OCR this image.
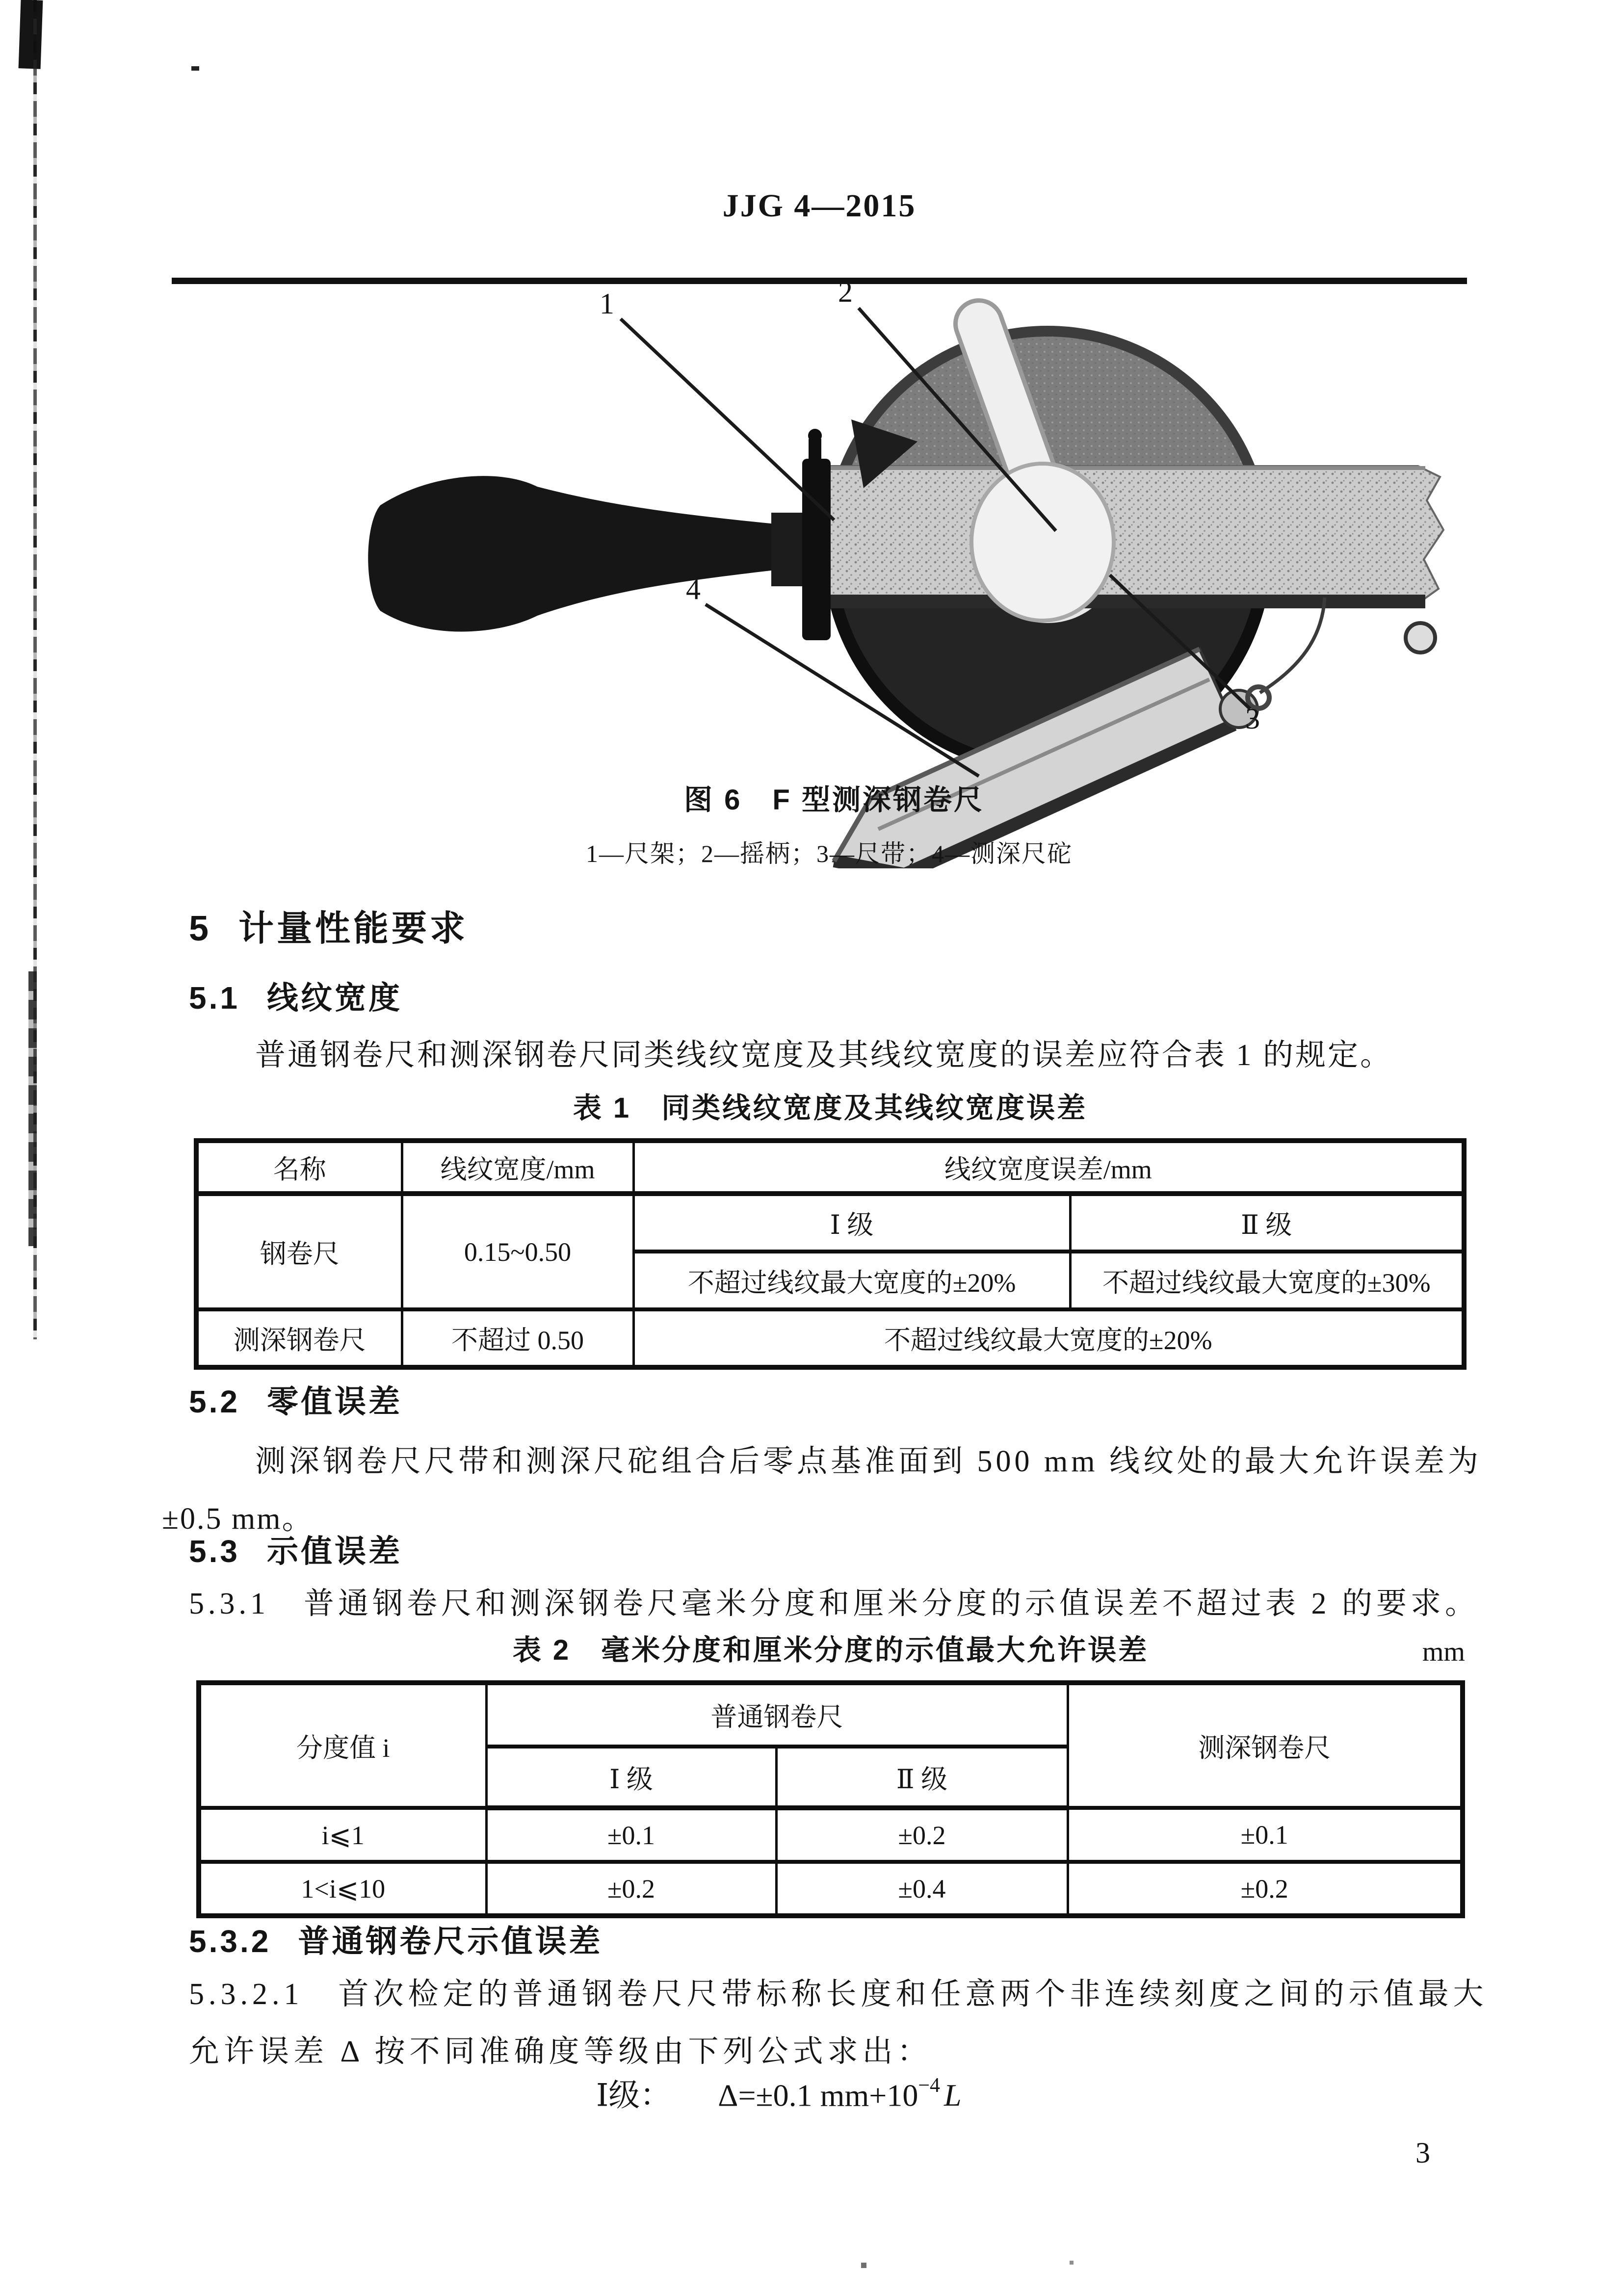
JJG 4—2015
1	2
3
4
图 6　F 型测深钢卷尺
1—尺架；2—摇柄；3—尺带；4—测深尺砣
5 计量性能要求
5.1 线纹宽度
普通钢卷尺和测深钢卷尺同类线纹宽度及其线纹宽度的误差应符合表 1 的规定。
表 1　同类线纹宽度及其线纹宽度误差
名称	线纹宽度/mm	线纹宽度误差/mm	
钢卷尺	0.15~0.50	Ⅰ 级	Ⅱ 级
		不超过线纹最大宽度的±20%	不超过线纹最大宽度的±30%
测深钢卷尺	不超过 0.50	不超过线纹最大宽度的±20%	
5.2 零值误差
测深钢卷尺尺带和测深尺砣组合后零点基准面到 500 mm 线纹处的最大允许误差为
±0.5 mm。
5.3 示值误差
5.3.1　普通钢卷尺和测深钢卷尺毫米分度和厘米分度的示值误差不超过表 2 的要求。
表 2　毫米分度和厘米分度的示值最大允许误差	mm
分度值 i	普通钢卷尺		测深钢卷尺
	Ⅰ 级	Ⅱ 级	
i⩽1	±0.1	±0.2	±0.1
1<i⩽10	±0.2	±0.4	±0.2
5.3.2 普通钢卷尺示值误差
5.3.2.1　首次检定的普通钢卷尺尺带标称长度和任意两个非连续刻度之间的示值最大
允许误差 Δ 按不同准确度等级由下列公式求出：
Ⅰ级： Δ=±0.1 $mm+10^{-4}$ L
3
